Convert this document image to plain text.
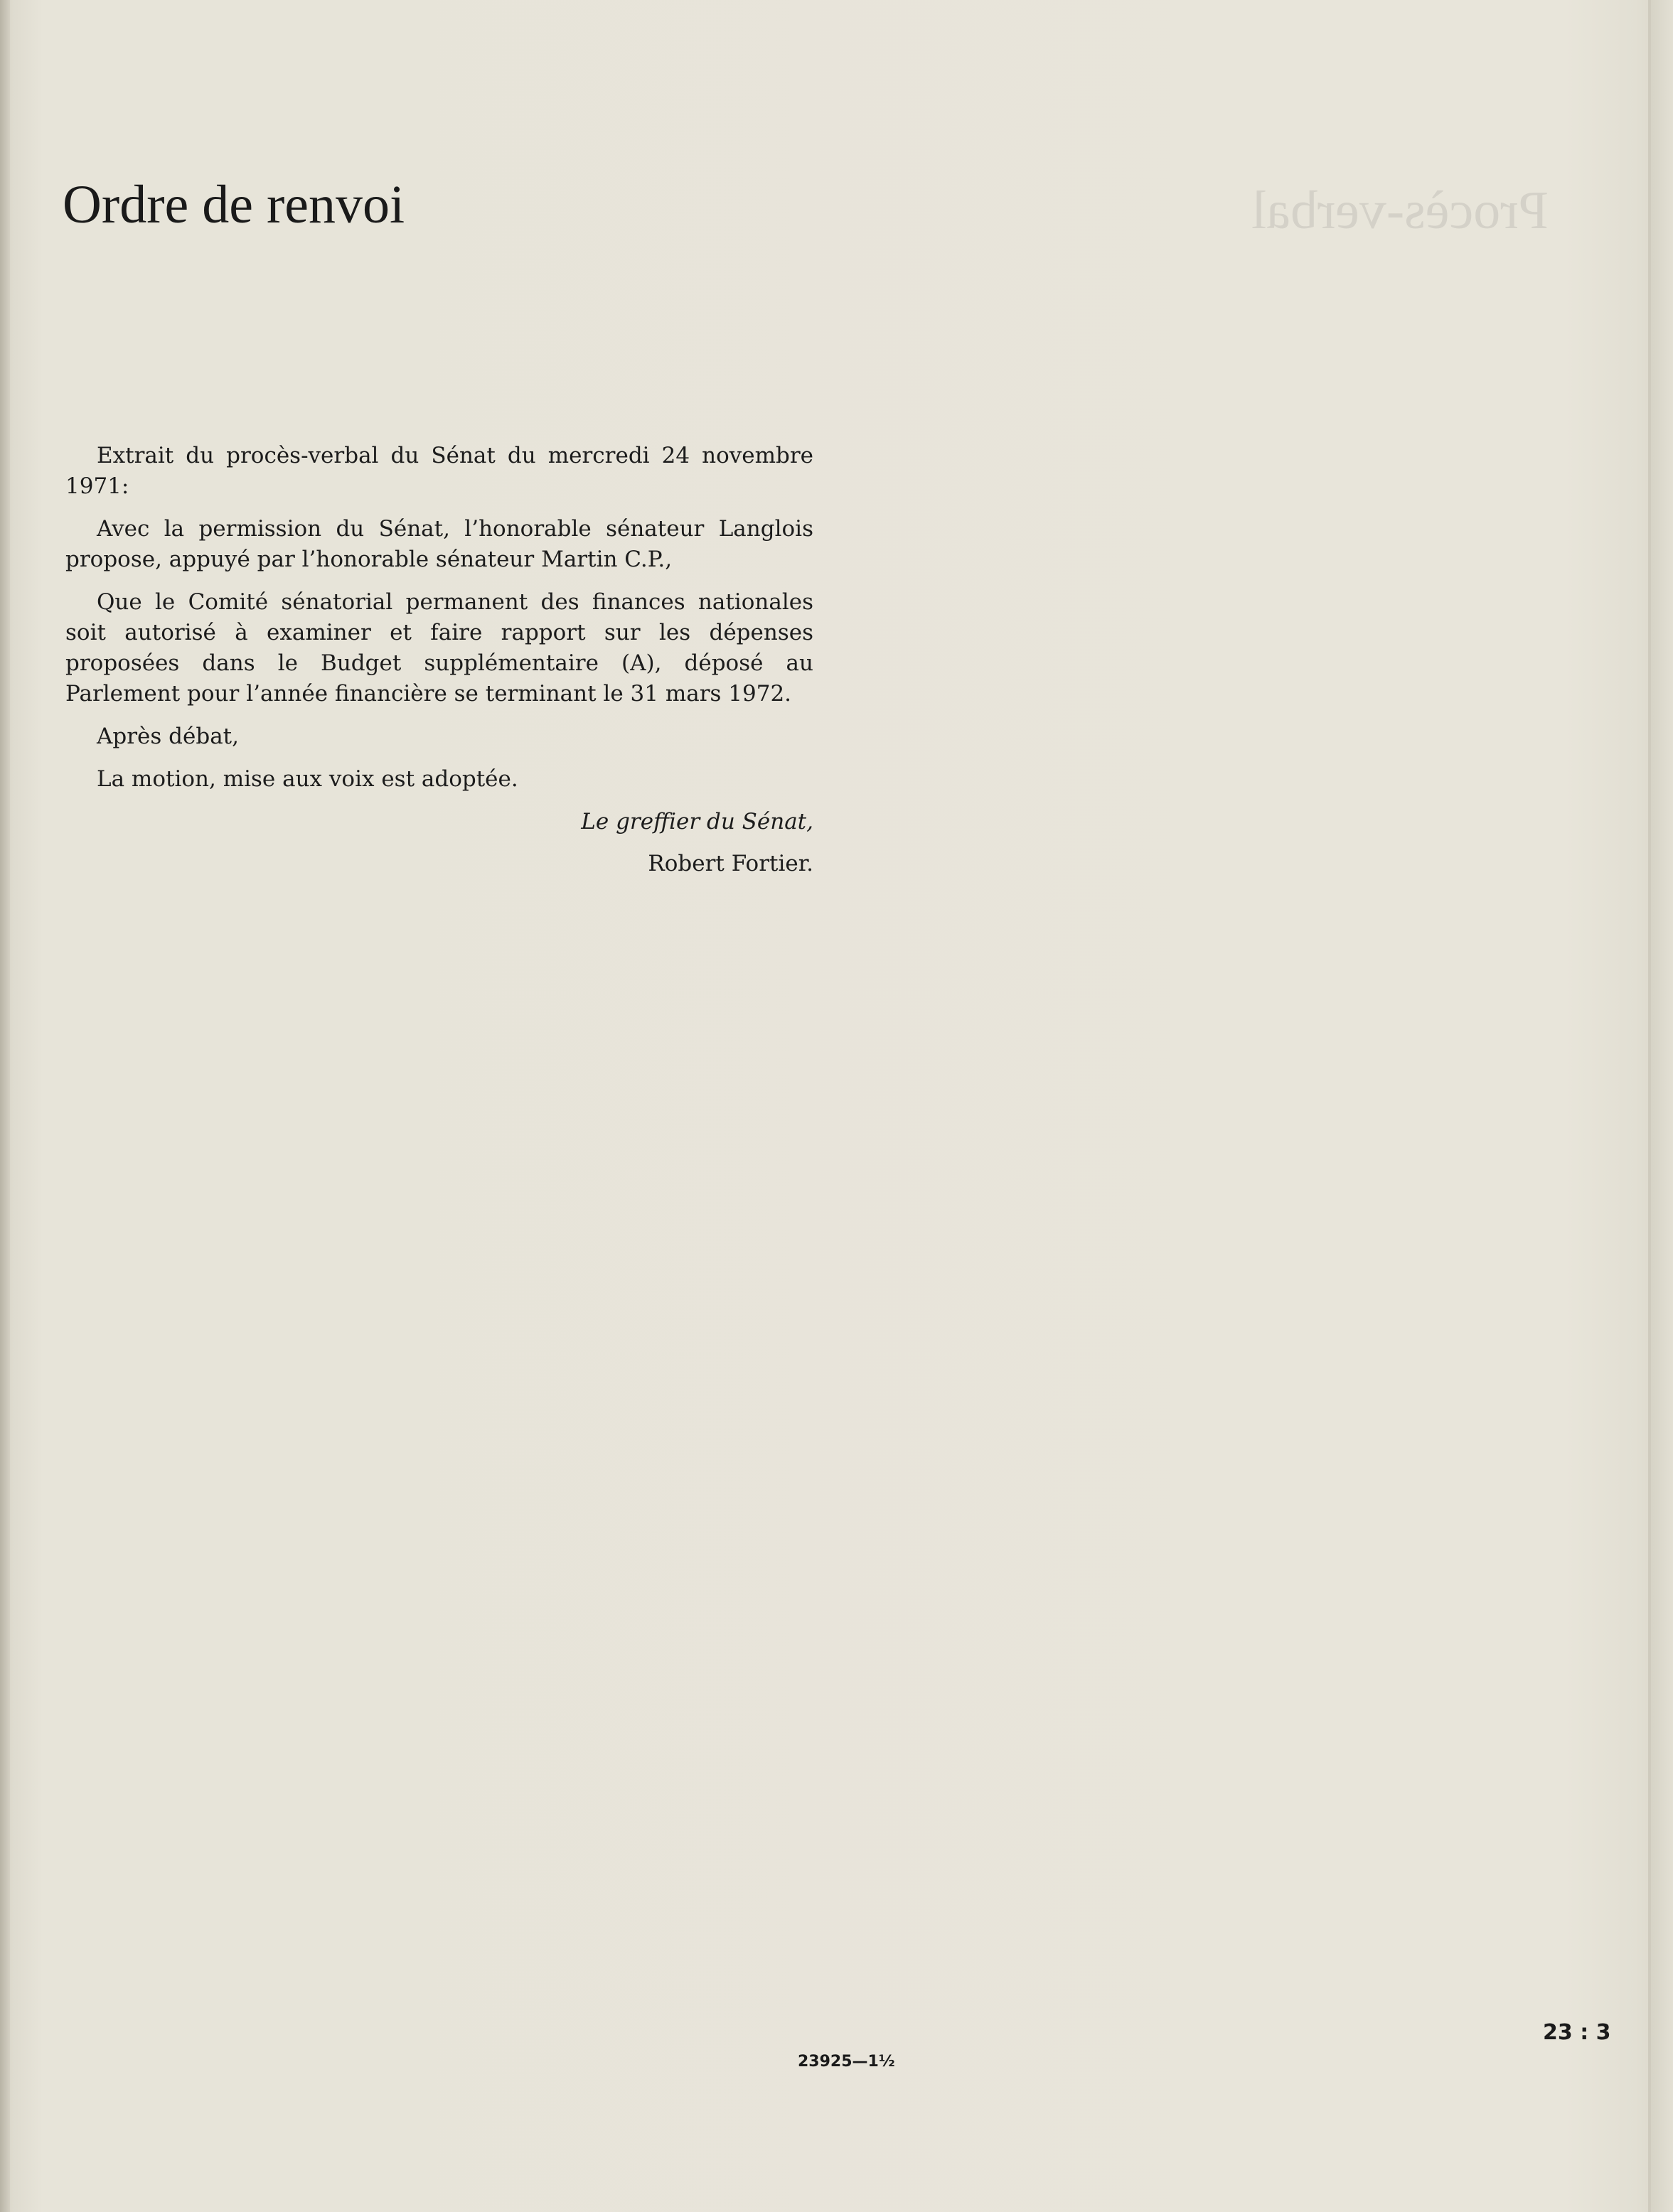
Procès-verbal
Ordre de renvoi

Extrait du procès-verbal du Sénat du mercredi 24 novembre 1971:

Avec la permission du Sénat, l’honorable sénateur Langlois propose, appuyé par l’honorable sénateur Martin C.P.,

Que le Comité sénatorial permanent des finances nationales soit autorisé à examiner et faire rapport sur les dépenses proposées dans le Budget supplémentaire (A), déposé au Parlement pour l’année financière se terminant le 31 mars 1972.

Après débat,

La motion, mise aux voix est adoptée.

Le greffier du Sénat,
Robert Fortier.
23 : 3
23925—1½
